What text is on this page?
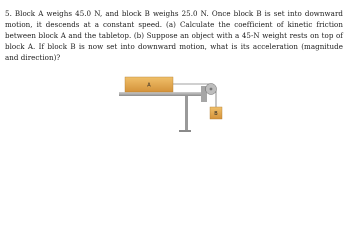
5. Block A weighs 45.0 N, and block B weighs 25.0 N. Once block B is set into downward motion, it descends at a constant speed. (a) Calculate the coefficient of kinetic friction between block A and the tabletop. (b) Suppose an object with a 45-N weight rests on top of block A. If block B is now set into downward motion, what is its acceleration (magnitude and direction)?
A
B
